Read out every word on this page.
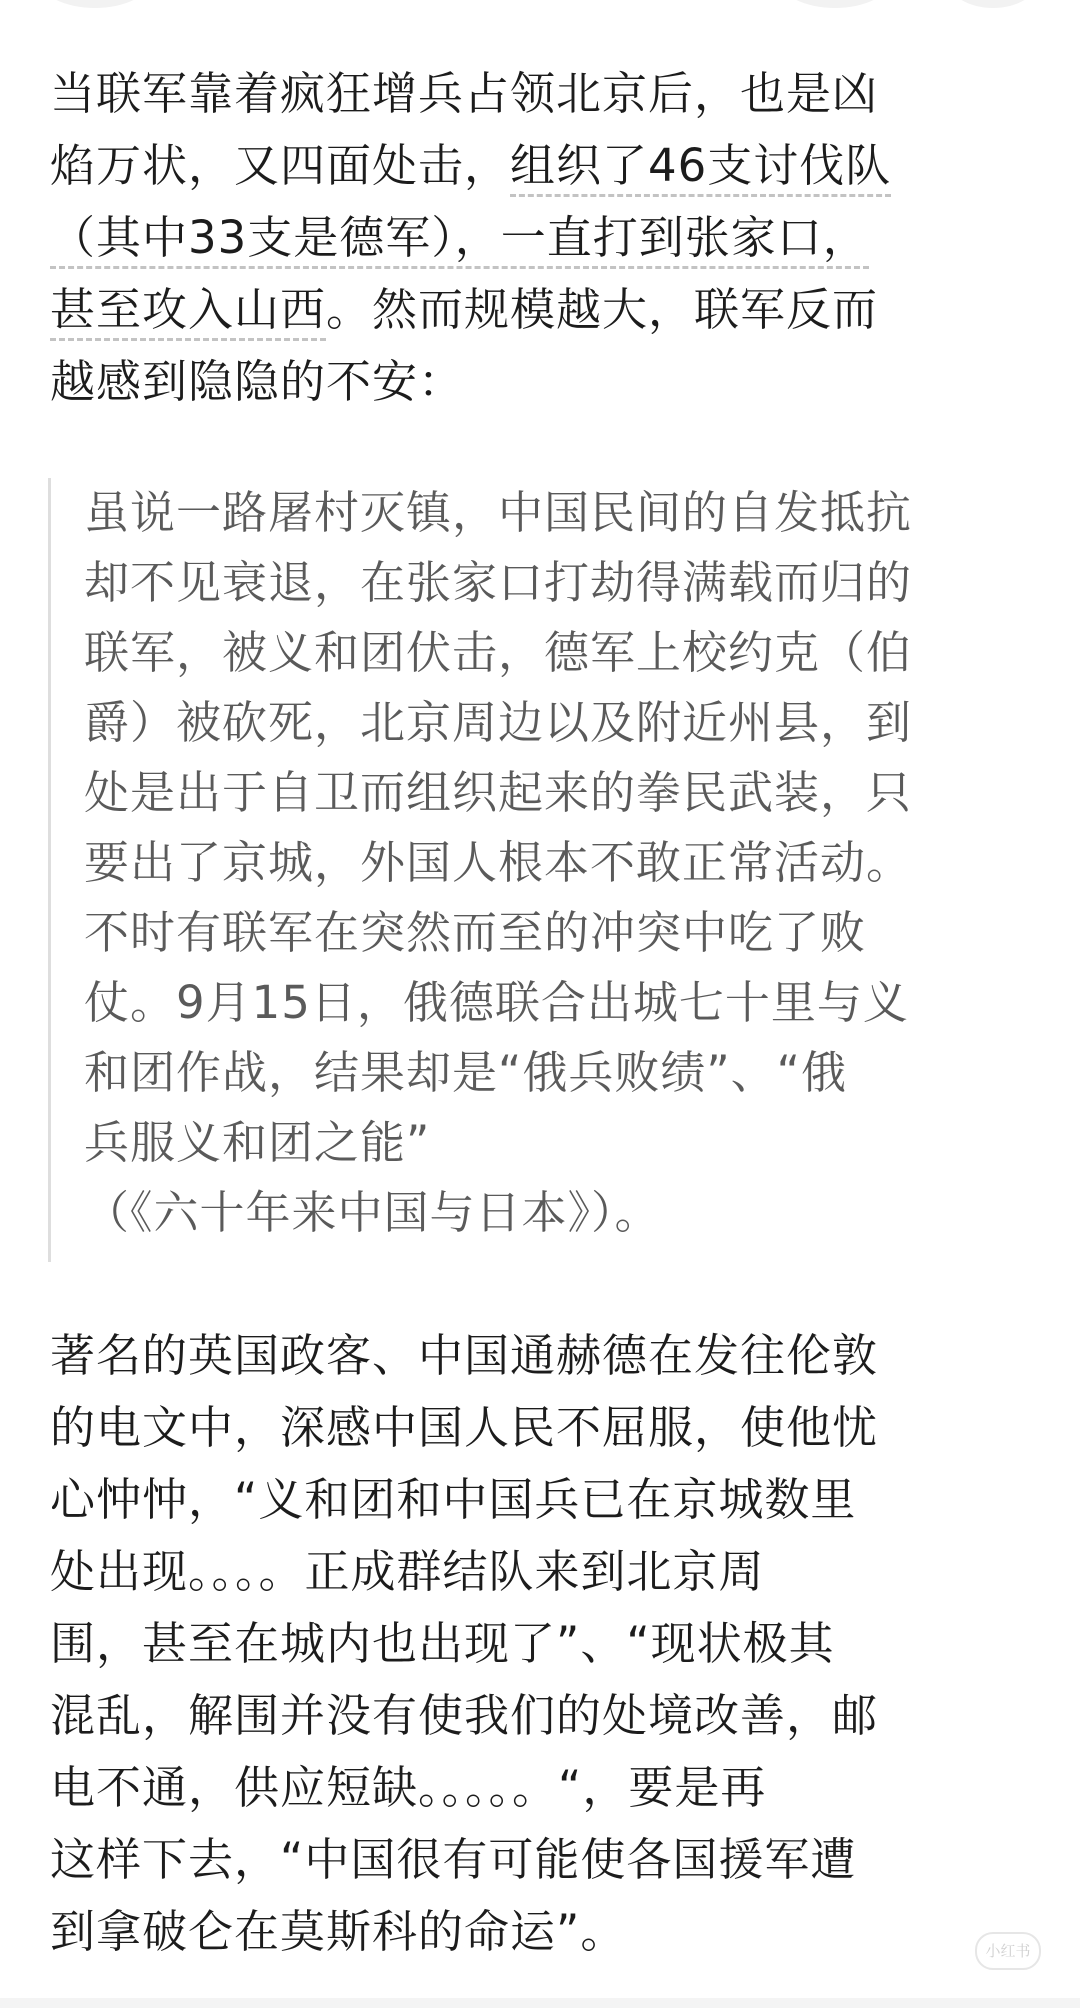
当联军靠着疯狂增兵占领北京后，也是凶
焰万状，又四面处击，组织了46支讨伐队
（其中33支是德军），一直打到张家口，
甚至攻入山西。然而规模越大，联军反而
越感到隐隐的不安：

虽说一路屠村灭镇，中国民间的自发抵抗
却不见衰退，在张家口打劫得满载而归的
联军，被义和团伏击，德军上校约克（伯
爵）被砍死，北京周边以及附近州县，到
处是出于自卫而组织起来的拳民武装，只
要出了京城，外国人根本不敢正常活动。
不时有联军在突然而至的冲突中吃了败
仗。9月15日，俄德联合出城七十里与义
和团作战，结果却是“俄兵败绩”、“俄
兵服义和团之能”
（《六十年来中国与日本》）。

著名的英国政客、中国通赫德在发往伦敦
的电文中，深感中国人民不屈服，使他忧
心忡忡，“义和团和中国兵已在京城数里
处出现。。。。正成群结队来到北京周
围，甚至在城内也出现了”、“现状极其
混乱，解围并没有使我们的处境改善，邮
电不通，供应短缺。。。。。“，要是再
这样下去，“中国很有可能使各国援军遭
到拿破仑在莫斯科的命运”。	小红书
